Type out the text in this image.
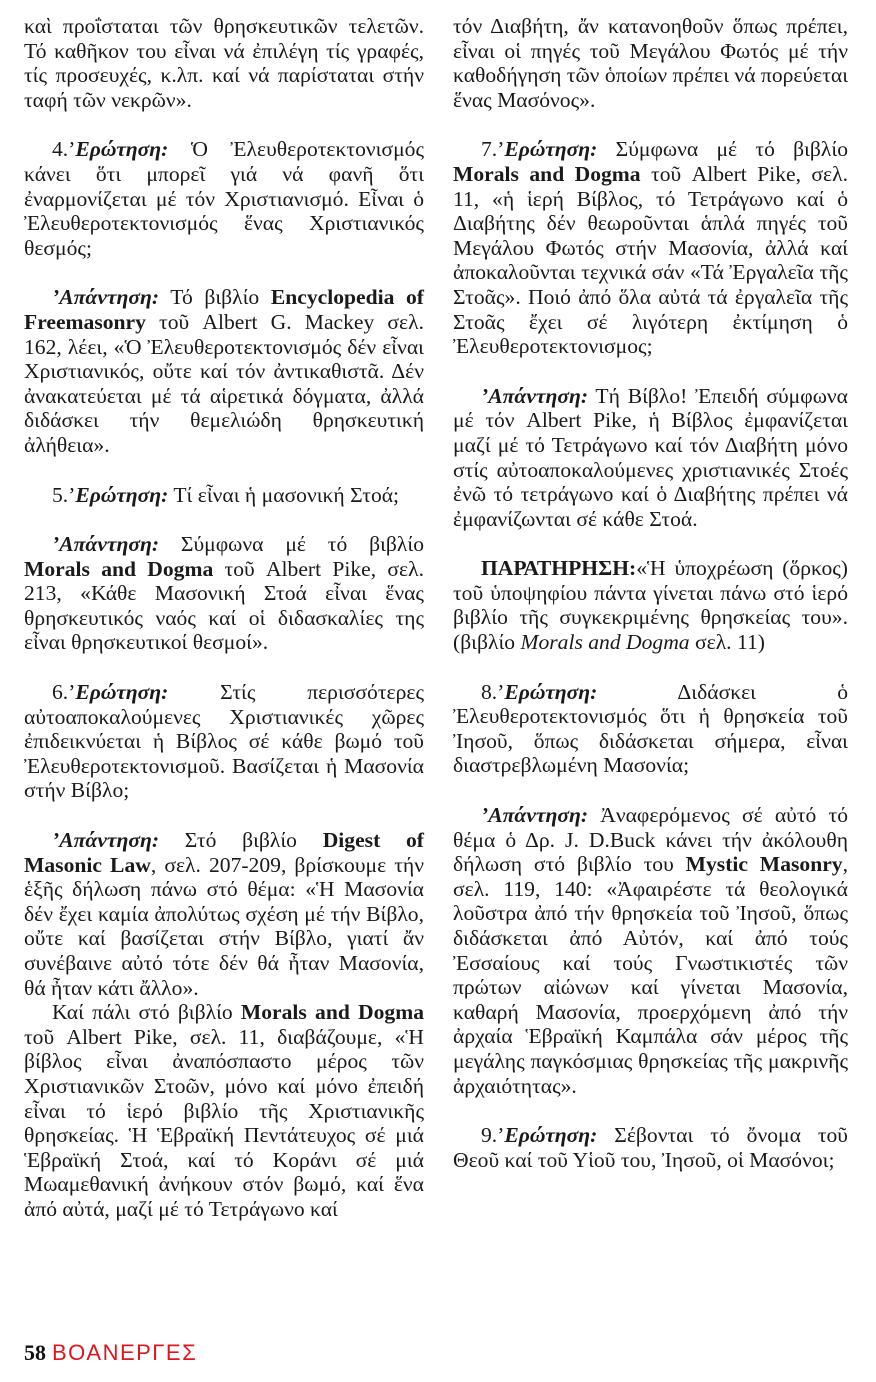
καὶ προΐσταται τῶν θρησκευτικῶν τελετῶν. Τό καθῆκον του εἶναι νά ἐπιλέγη τίς γραφές, τίς προσευχές, κ.λπ. καί νά παρίσταται στήν ταφή τῶν νεκρῶν».

4.’Ερώτηση: Ὁ Ἐλευθεροτεκτονισμός κάνει ὅτι μπορεῖ γιά νά φανῆ ὅτι ἐναρμονίζεται μέ τόν Χριστιανισμό. Εἶναι ὁ Ἐλευθεροτεκτονισμός ἕνας Χριστιανικός θεσμός;

’Απάντηση: Τό βιβλίο Encyclopedia of Freemasonry τοῦ Albert G. Mackey σελ. 162, λέει, «Ὁ Ἐλευθεροτεκτονισμός δέν εἶναι Χριστιανικός, οὔτε καί τόν ἀντικαθιστᾶ. Δέν ἀνακατεύεται μέ τά αἱρετικά δόγματα, ἀλλά διδάσκει τήν θεμελιώδη θρησκευτική ἀλήθεια».

5.’Ερώτηση: Τί εἶναι ἡ μασονική Στοά;

’Απάντηση: Σύμφωνα μέ τό βιβλίο Morals and Dogma τοῦ Albert Pike, σελ. 213, «Κάθε Μασονική Στοά εἶναι ἕνας θρησκευτικός ναός καί οἱ διδασκαλίες της εἶναι θρησκευτικοί θεσμοί».

6.’Ερώτηση: Στίς περισσότερες αὐτοαποκαλούμενες Χριστιανικές χῶρες ἐπιδεικνύεται ἡ Βίβλος σέ κάθε βωμό τοῦ Ἐλευθεροτεκτονισμοῦ. Βασίζεται ἡ Μασονία στήν Βίβλο;

’Απάντηση: Στό βιβλίο Digest of Masonic Law, σελ. 207-209, βρίσκουμε τήν ἑξῆς δήλωση πάνω στό θέμα: «Ἡ Μασονία δέν ἔχει καμία ἀπολύτως σχέση μέ τήν Βίβλο, οὔτε καί βασίζεται στήν Βίβλο, γιατί ἄν συνέβαινε αὐτό τότε δέν θά ἦταν Μασονία, θά ἦταν κάτι ἄλλο».

Καί πάλι στό βιβλίο Morals and Dogma τοῦ Albert Pike, σελ. 11, διαβάζουμε, «Ἡ βίβλος εἶναι ἀναπόσπαστο μέρος τῶν Χριστιανικῶν Στοῶν, μόνο καί μόνο ἐπειδή εἶναι τό ἱερό βιβλίο τῆς Χριστιανικῆς θρησκείας. Ἡ Ἑβραϊκή Πεντάτευχος σέ μιά Ἑβραϊκή Στοά, καί τό Κοράνι σέ μιά Μωαμεθανική ἀνήκουν στόν βωμό, καί ἕνα ἀπό αὐτά, μαζί μέ τό Τετράγωνο καί

τόν Διαβήτη, ἄν κατανοηθοῦν ὅπως πρέπει, εἶναι οἱ πηγές τοῦ Μεγάλου Φωτός μέ τήν καθοδήγηση τῶν ὁποίων πρέπει νά πορεύεται ἕνας Μασόνος».

7.’Ερώτηση: Σύμφωνα μέ τό βιβλίο Morals and Dogma τοῦ Albert Pike, σελ. 11, «ἡ ἱερή Βίβλος, τό Τετράγωνο καί ὁ Διαβήτης δέν θεωροῦνται ἁπλά πηγές τοῦ Μεγάλου Φωτός στήν Μασονία, ἀλλά καί ἀποκαλοῦνται τεχνικά σάν «Τά Ἐργαλεῖα τῆς Στοᾶς». Ποιό ἀπό ὅλα αὐτά τά ἐργαλεῖα τῆς Στοᾶς ἔχει σέ λιγότερη ἐκτίμηση ὁ Ἐλευθεροτεκτονισμος;

’Απάντηση: Τή Βίβλο! Ἐπειδή σύμφωνα μέ τόν Albert Pike, ἡ Βίβλος ἐμφανίζεται μαζί μέ τό Τετράγωνο καί τόν Διαβήτη μόνο στίς αὐτοαποκαλούμενες χριστιανικές Στοές ἐνῶ τό τετράγωνο καί ὁ Διαβήτης πρέπει νά ἐμφανίζωνται σέ κάθε Στοά.

ΠΑΡΑΤΗΡΗΣΗ:«Ἡ ὑποχρέωση (ὅρκος) τοῦ ὑποψηφίου πάντα γίνεται πάνω στό ἱερό βιβλίο τῆς συγκεκριμένης θρησκείας του». (βιβλίο Morals and Dogma σελ. 11)

8.’Ερώτηση: Διδάσκει ὁ Ἐλευθεροτεκτονισμός ὅτι ἡ θρησκεία τοῦ Ἰησοῦ, ὅπως διδάσκεται σήμερα, εἶναι διαστρεβλωμένη Μασονία;

’Απάντηση: Ἀναφερόμενος σέ αὐτό τό θέμα ὁ Δρ. J. D.Buck κάνει τήν ἀκόλουθη δήλωση στό βιβλίο του Mystic Masonry, σελ. 119, 140: «Ἀφαιρέστε τά θεολογικά λοῦστρα ἀπό τήν θρησκεία τοῦ Ἰησοῦ, ὅπως διδάσκεται ἀπό Αὐτόν, καί ἀπό τούς Ἐσσαίους καί τούς Γνωστικιστές τῶν πρώτων αἰώνων καί γίνεται Μασονία, καθαρή Μασονία, προερχόμενη ἀπό τήν ἀρχαία Ἑβραϊκή Καμπάλα σάν μέρος τῆς μεγάλης παγκόσμιας θρησκείας τῆς μακρινῆς ἀρχαιότητας».

9.’Ερώτηση: Σέβονται τό ὄνομα τοῦ Θεοῦ καί τοῦ Υἱοῦ του, Ἰησοῦ, οἱ Μασόνοι;

58 ΒΟΑΝΕΡΓΕΣ
